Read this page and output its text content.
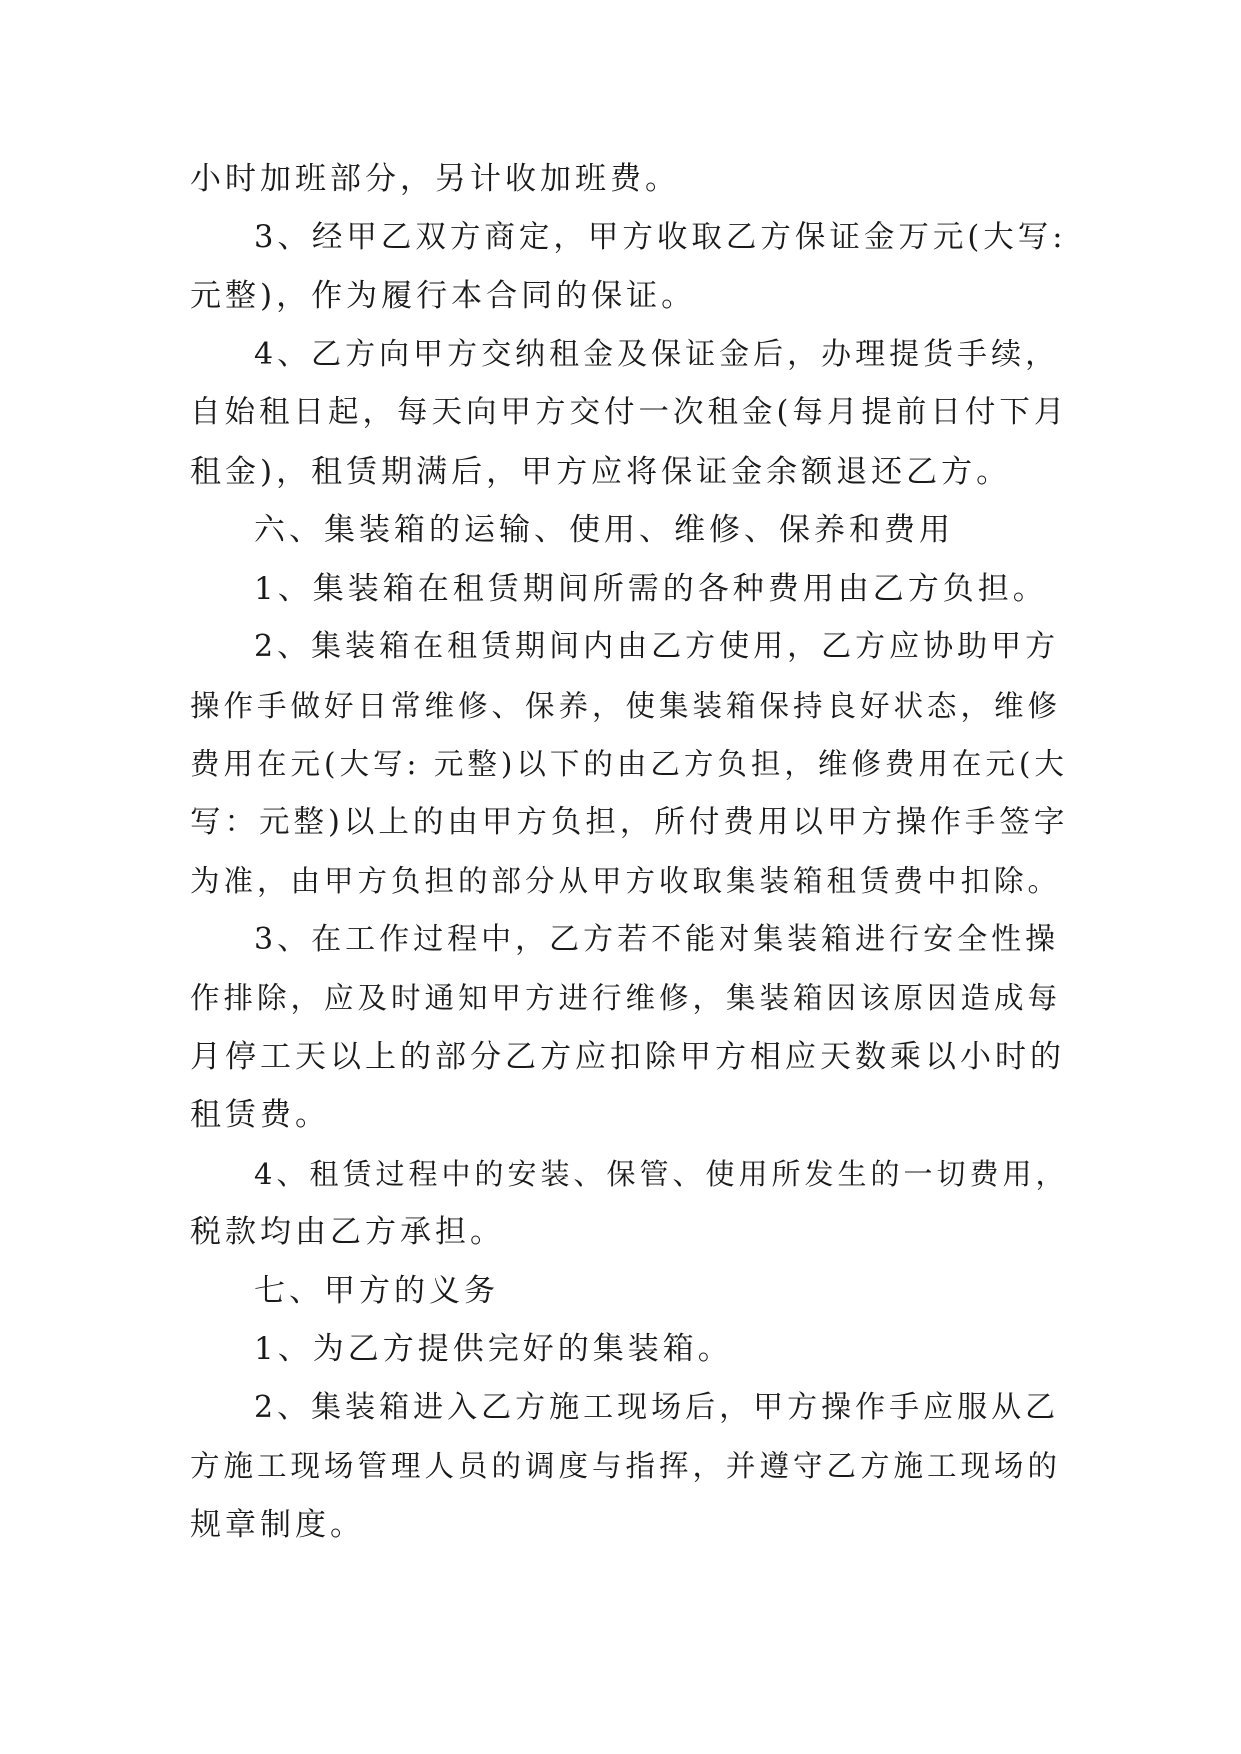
小时加班部分，另计收加班费。
3、经甲乙双方商定，甲方收取乙方保证金万元(大写:
元整)，作为履行本合同的保证。
4、乙方向甲方交纳租金及保证金后，办理提货手续，
自始租日起，每天向甲方交付一次租金(每月提前日付下月
租金)，租赁期满后，甲方应将保证金余额退还乙方。
六、集装箱的运输、使用、维修、保养和费用
1、集装箱在租赁期间所需的各种费用由乙方负担。
2、集装箱在租赁期间内由乙方使用，乙方应协助甲方
操作手做好日常维修、保养，使集装箱保持良好状态，维修
费用在元(大写: 元整)以下的由乙方负担，维修费用在元(大
写：元整)以上的由甲方负担，所付费用以甲方操作手签字
为准，由甲方负担的部分从甲方收取集装箱租赁费中扣除。
3、在工作过程中，乙方若不能对集装箱进行安全性操
作排除，应及时通知甲方进行维修，集装箱因该原因造成每
月停工天以上的部分乙方应扣除甲方相应天数乘以小时的
租赁费。
4、租赁过程中的安装、保管、使用所发生的一切费用，
税款均由乙方承担。
七、甲方的义务
1、为乙方提供完好的集装箱。
2、集装箱进入乙方施工现场后，甲方操作手应服从乙
方施工现场管理人员的调度与指挥，并遵守乙方施工现场的
规章制度。
